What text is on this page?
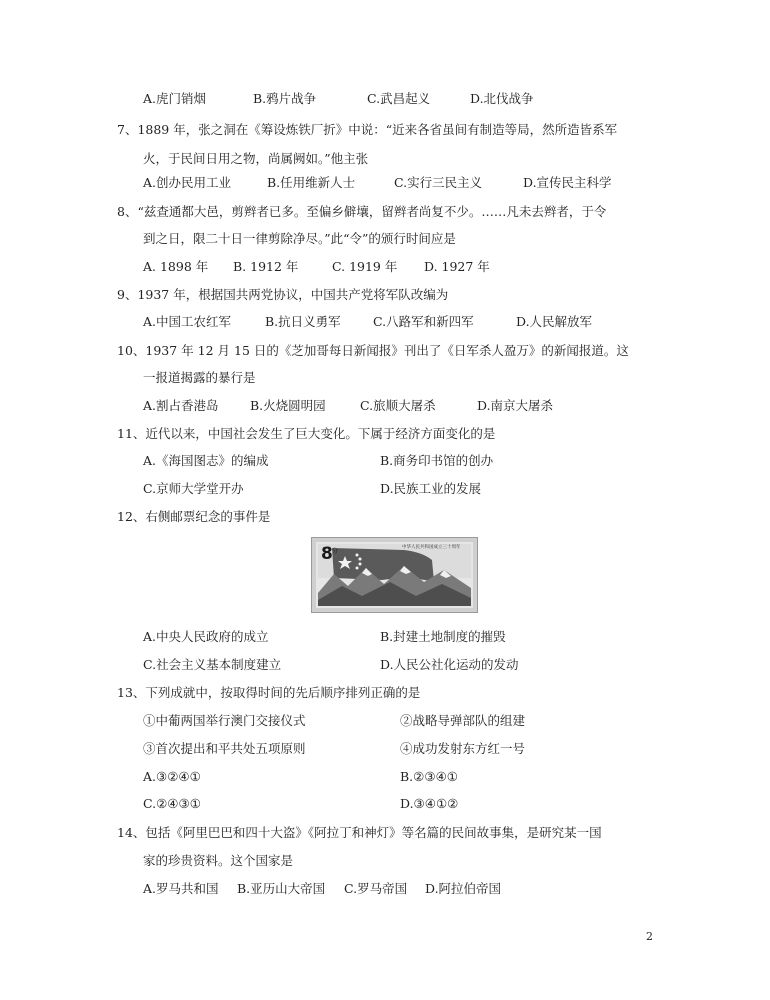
A.虎门销烟	B.鸦片战争	C.武昌起义	D.北伐战争
7、1889 年，张之洞在《筹设炼铁厂折》中说：“近来各省虽间有制造等局，然所造皆系军
火，于民间日用之物，尚属阙如。”他主张
A.创办民用工业	B.任用维新人士	C.实行三民主义	D.宣传民主科学
8、“兹查通都大邑，剪辫者已多。至偏乡僻壤，留辫者尚复不少。……凡未去辫者，于令
到之日，限二十日一律剪除净尽。”此“令”的颁行时间应是
A. 1898 年 B. 1912 年	C. 1919 年 D. 1927 年
9、1937 年，根据国共两党协议，中国共产党将军队改编为
A.中国工农红军	B.抗日义勇军	C.八路军和新四军	D.人民解放军
10、1937 年 12 月 15 日的《芝加哥每日新闻报》刊出了《日军杀人盈万》的新闻报道。这
一报道揭露的暴行是
A.割占香港岛	B.火烧圆明园	C.旅顺大屠杀	D.南京大屠杀
11、近代以来，中国社会发生了巨大变化。下属于经济方面变化的是
A.《海国图志》的编成	B.商务印书馆的创办
C.京师大学堂开办	D.民族工业的发展
12、右侧邮票纪念的事件是
8 分
中华人民共和国成立三十周年
A.中央人民政府的成立	B.封建土地制度的摧毁
C.社会主义基本制度建立	D.人民公社化运动的发动
13、下列成就中，按取得时间的先后顺序排列正确的是
①中葡两国举行澳门交接仪式	②战略导弹部队的组建
③首次提出和平共处五项原则	④成功发射东方红一号
A.③②④①	B.②③④①
C.②④③①	D.③④①②
14、包括《阿里巴巴和四十大盗》《阿拉丁和神灯》等名篇的民间故事集，是研究某一国
家的珍贵资料。这个国家是
A.罗马共和国 B.亚历山大帝国 C.罗马帝国 D.阿拉伯帝国
2
